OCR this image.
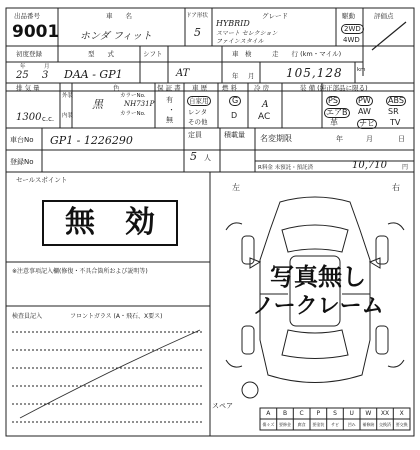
出品番号
9001
車　　名
ホンダ フィット
ドア形状
5
グレード
HYBRID
スマート セレクション
ファインスタイル
駆動
2WD
4WD
評価点
初度登録
年	月
25 3
型　　式
DAA - GP1
シフト
AT
車　検
年 月
走　　行 (km・マイル)
105,128	km
排 気 量
外装
内装
色
カラーNo.
カラーNo.
黒	NH731P
1300 c.c.
保 証 書
有
・
無
車 歴
自家用
レンタ
その他
燃 料
G
D
冷 房
A
AC
装 備 (純正部品に限る)
PS	PW ABS
エアB AW SR
革	ナビ TV
車台No GP1 - 1226290	定員
5 人
積載量 名変期限	年	月	日
登録No
R料金 未預託・預託済	10,710	円
セールスポイント
無　効
※注意事項記入欄(修復・不具合箇所および説明等)
検査員記入	フロントガラス (A・飛石、X要ス)
左	右
写真無し
ノークレーム
スペア
A	B	C	P	S	U	W	XX	X
傷々ズ	要修金	腐食	要塗装	サビ	凹み	補修跡	交換済	要交換
